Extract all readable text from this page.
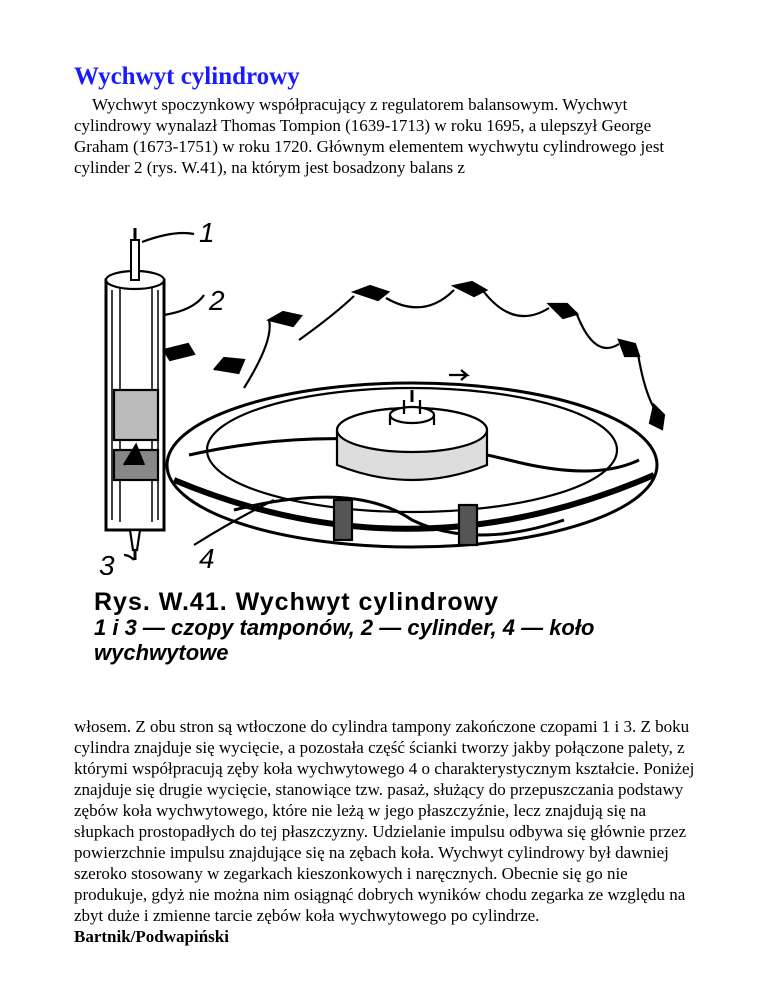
Wychwyt cylindrowy

Wychwyt spoczynkowy współpracujący z regulatorem balansowym. Wychwyt cylindrowy wynalazł Thomas Tompion (1639-1713) w roku 1695, a ulepszył George Graham (1673-1751) w roku 1720. Głównym elementem wychwytu cylindrowego jest cylinder 2 (rys. W.41), na którym jest bosadzony balans z

1
2
3	4
Rys. W.41. Wychwyt cylindrowy
1 i 3 — czopy tamponów, 2 — cylinder, 4 — koło wychwytowe

włosem. Z obu stron są wtłoczone do cylindra tampony zakończone czopami 1 i 3. Z boku cylindra znajduje się wycięcie, a pozostała część ścianki tworzy jakby połączone palety, z którymi współpracują zęby koła wychwytowego 4 o charakterystycznym kształcie. Poniżej znajduje się drugie wycięcie, stanowiące tzw. pasaż, służący do przepuszczania podstawy zębów koła wychwytowego, które nie leżą w jego płaszczyźnie, lecz znajdują się na słupkach prostopadłych do tej płaszczyzny. Udzielanie impulsu odbywa się głównie przez powierzchnie impulsu znajdujące się na zębach koła. Wychwyt cylindrowy był dawniej szeroko stosowany w zegarkach kieszonkowych i naręcznych. Obecnie się go nie produkuje, gdyż nie można nim osiągnąć dobrych wyników chodu zegarka ze względu na zbyt duże i zmienne tarcie zębów koła wychwytowego po cylindrze. Bartnik/Podwapiński
